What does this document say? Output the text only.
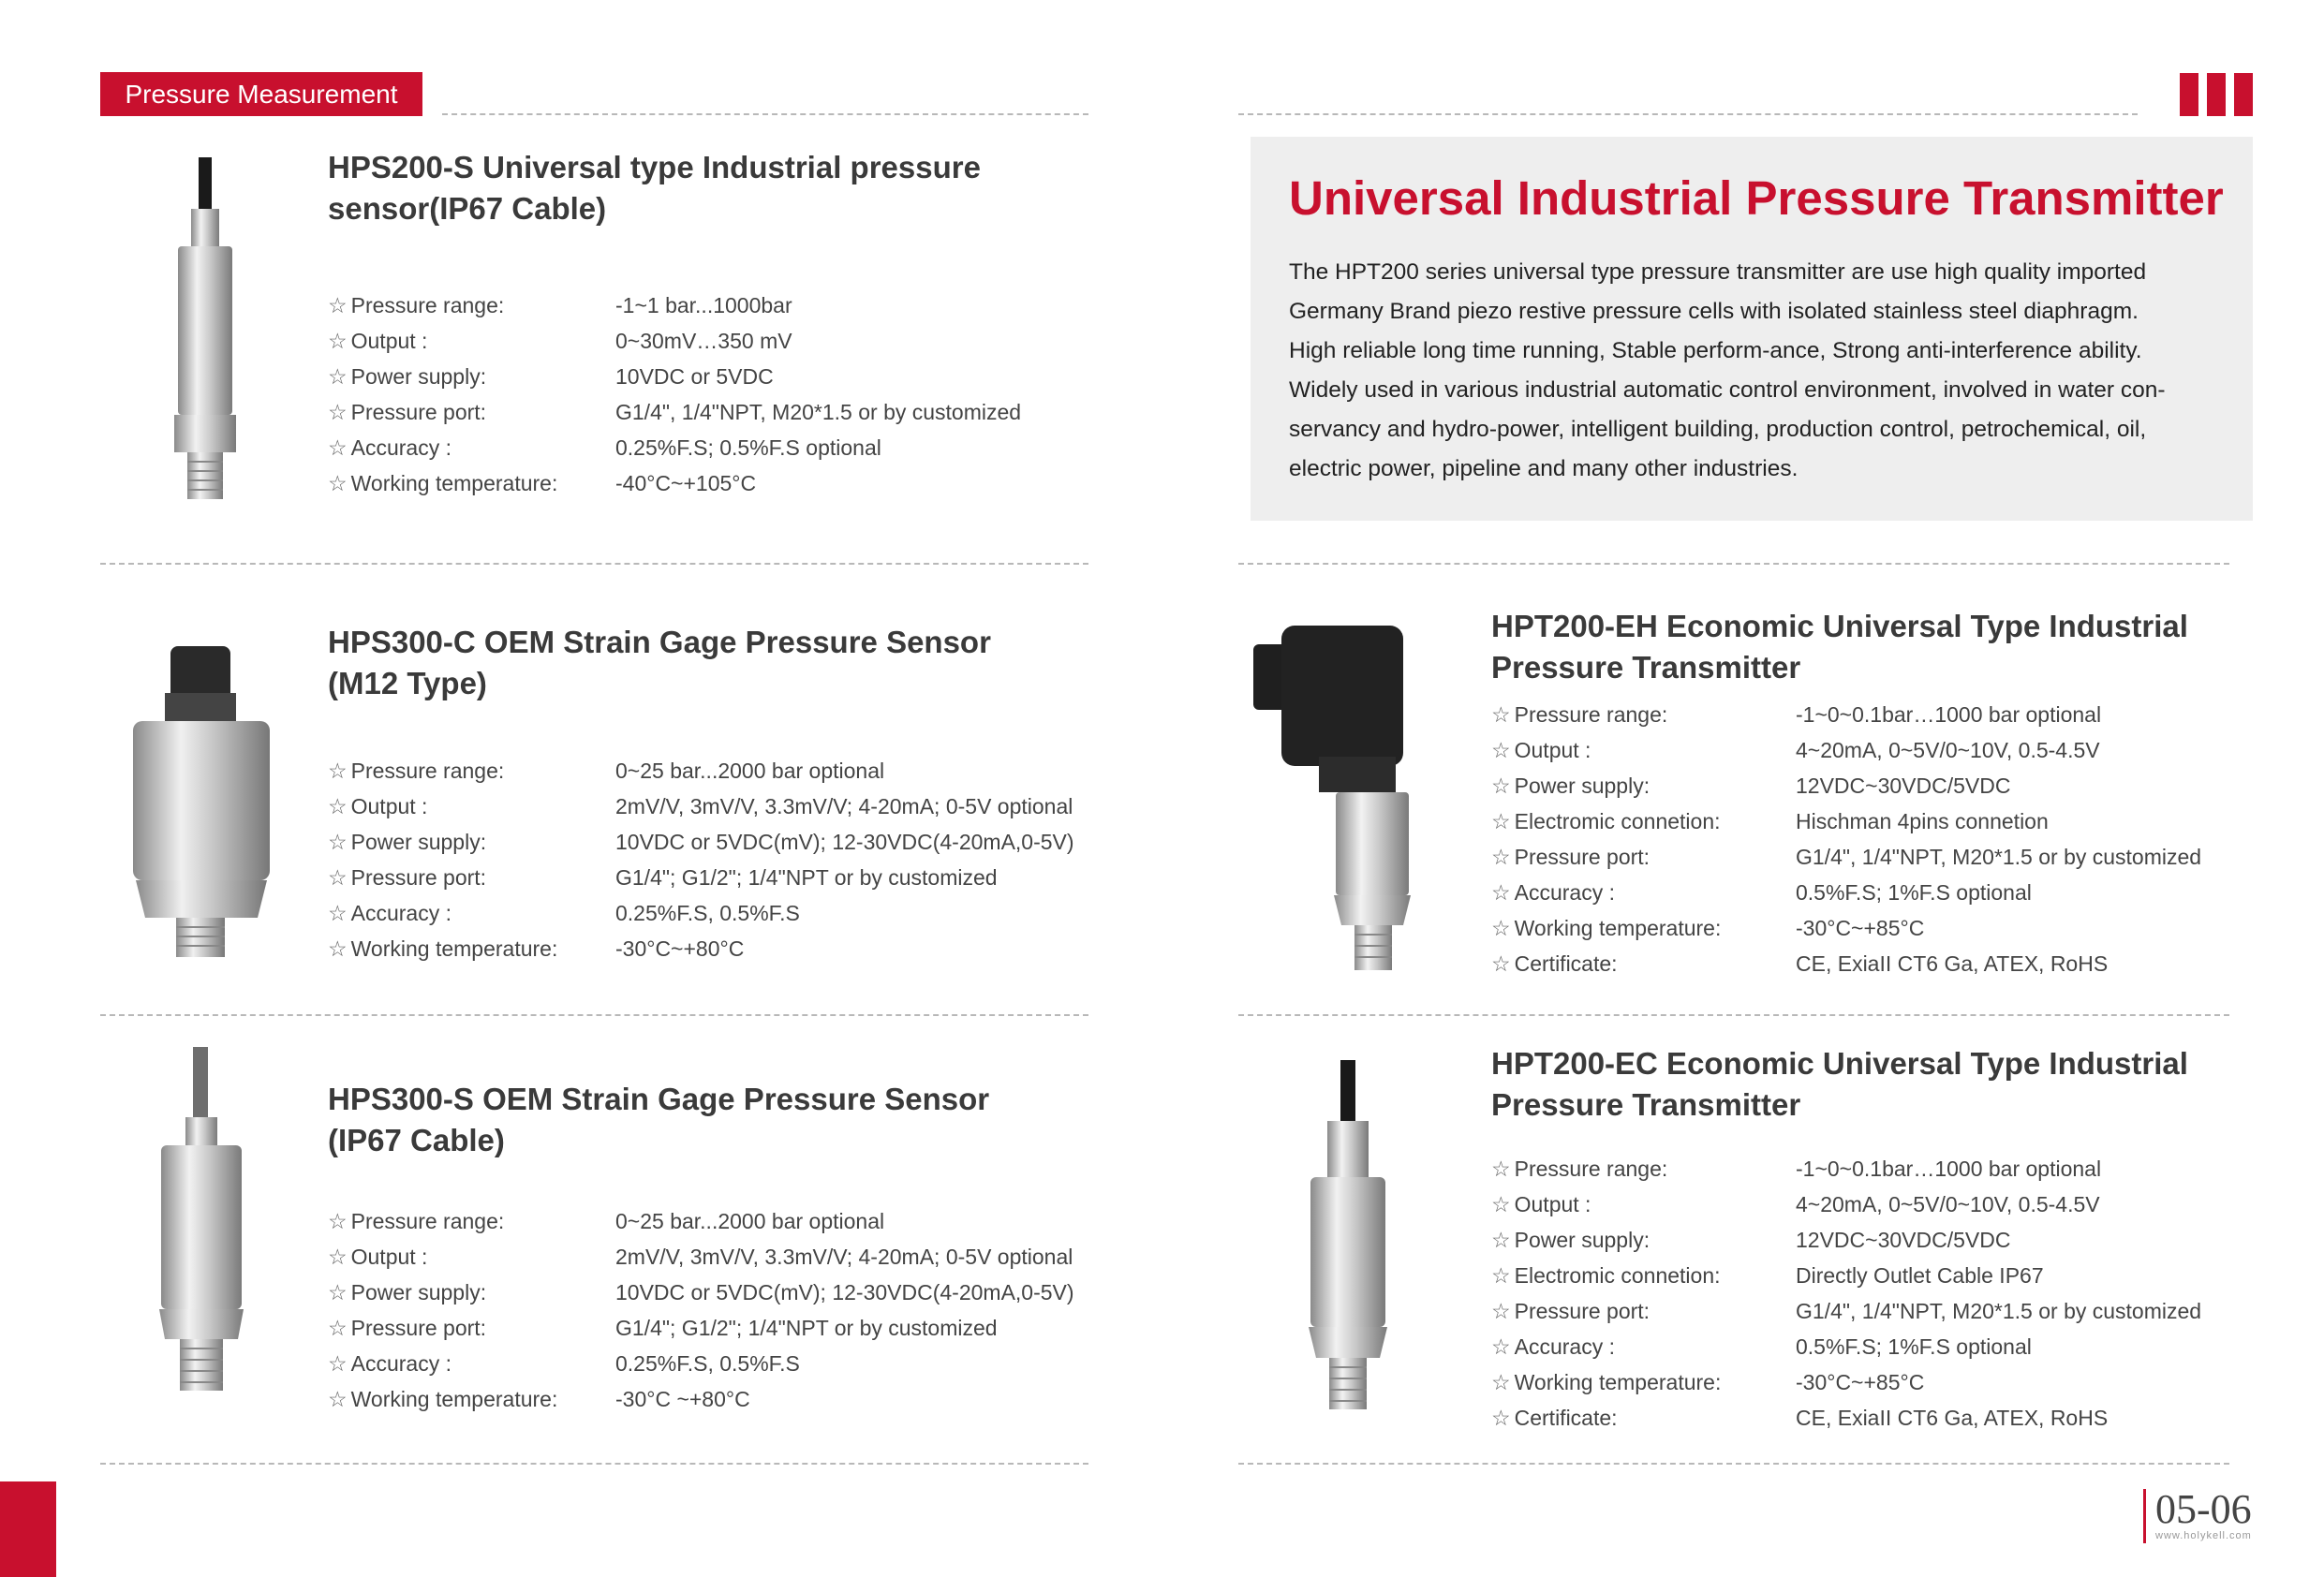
Pressure Measurement
Universal Industrial Pressure Transmitter
The HPT200 series universal type pressure transmitter are use high quality imported
Germany Brand piezo restive pressure cells with isolated stainless steel diaphragm.
High reliable long time running, Stable perform-ance, Strong anti-interference ability.
Widely used in various industrial automatic control environment, involved in water con-
servancy and hydro-power, intelligent building, production control, petrochemical, oil,
electric power, pipeline and many other industries.
HPS200-S Universal type Industrial pressure
sensor(IP67 Cable)
☆ Pressure range:	-1~1 bar...1000bar
☆ Output :	0~30mV…350 mV
☆ Power supply:	10VDC or 5VDC
☆ Pressure port:	G1/4", 1/4"NPT, M20*1.5 or by customized
☆ Accuracy :	0.25%F.S; 0.5%F.S optional
☆ Working temperature:	-40°C~+105°C
HPS300-C OEM Strain Gage Pressure Sensor
(M12 Type)
☆ Pressure range:	0~25 bar...2000 bar optional
☆ Output :	2mV/V, 3mV/V, 3.3mV/V; 4-20mA; 0-5V optional
☆ Power supply:	10VDC or 5VDC(mV); 12-30VDC(4-20mA,0-5V)
☆ Pressure port:	G1/4"; G1/2"; 1/4"NPT or by customized
☆ Accuracy :	0.25%F.S, 0.5%F.S
☆ Working temperature:	-30°C~+80°C
HPS300-S OEM Strain Gage Pressure Sensor
(IP67 Cable)
☆ Pressure range:	0~25 bar...2000 bar optional
☆ Output :	2mV/V, 3mV/V, 3.3mV/V; 4-20mA; 0-5V optional
☆ Power supply:	10VDC or 5VDC(mV); 12-30VDC(4-20mA,0-5V)
☆ Pressure port:	G1/4"; G1/2"; 1/4"NPT or by customized
☆ Accuracy :	0.25%F.S, 0.5%F.S
☆ Working temperature:	-30°C ~+80°C
HPT200-EH Economic Universal Type Industrial
Pressure Transmitter
☆ Pressure range:	-1~0~0.1bar…1000 bar optional
☆ Output :	4~20mA, 0~5V/0~10V, 0.5-4.5V
☆ Power supply:	12VDC~30VDC/5VDC
☆ Electromic connetion:	Hischman 4pins connetion
☆ Pressure port:	G1/4", 1/4"NPT, M20*1.5 or by customized
☆ Accuracy :	0.5%F.S; 1%F.S optional
☆ Working temperature:	-30°C~+85°C
☆ Certificate:	CE, ExiaII CT6 Ga, ATEX, RoHS
HPT200-EC Economic Universal Type Industrial
Pressure Transmitter
☆ Pressure range:	-1~0~0.1bar…1000 bar optional
☆ Output :	4~20mA, 0~5V/0~10V, 0.5-4.5V
☆ Power supply:	12VDC~30VDC/5VDC
☆ Electromic connetion:	Directly Outlet Cable IP67
☆ Pressure port:	G1/4", 1/4"NPT, M20*1.5 or by customized
☆ Accuracy :	0.5%F.S; 1%F.S optional
☆ Working temperature:	-30°C~+85°C
☆ Certificate:	CE, ExiaII CT6 Ga, ATEX, RoHS
05-06
www.holykell.com
